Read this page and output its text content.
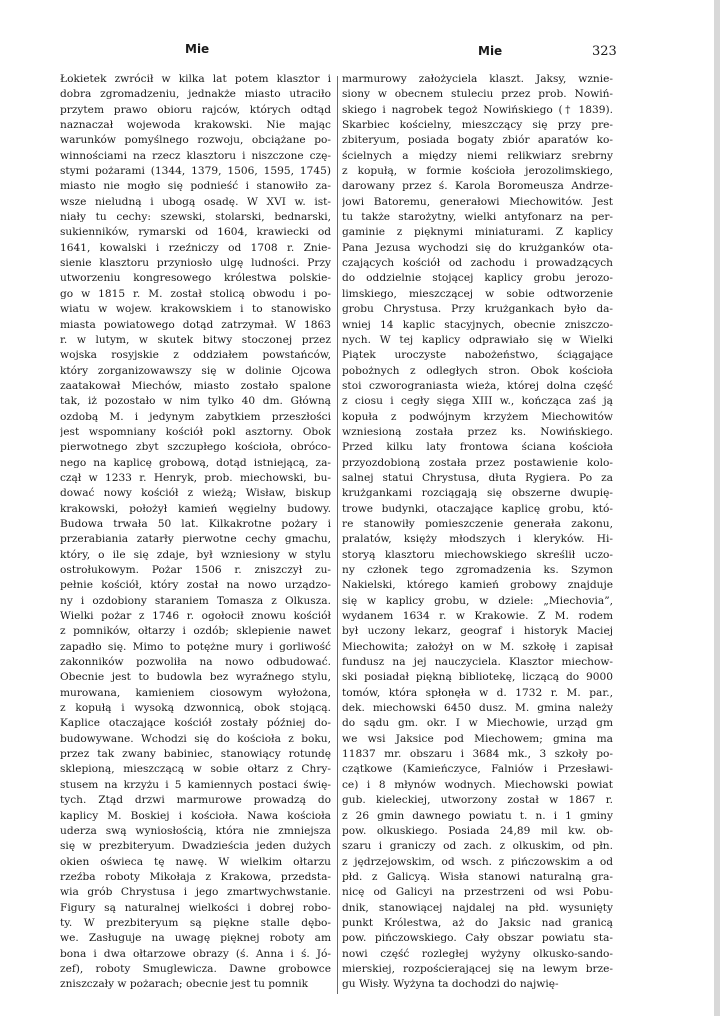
Mie	Mie	323
Łokietek zwrócił w kilka lat potem klasztor i
dobra zgromadzeniu, jednakże miasto utraciło
przytem prawo obioru rajców, których odtąd
naznaczał wojewoda krakowski. Nie mając
warunków pomyślnego rozwoju, obciążane po-
winnościami na rzecz klasztoru i niszczone czę-
stymi pożarami (1344, 1379, 1506, 1595, 1745)
miasto nie mogło się podnieść i stanowiło za-
wsze nieludną i ubogą osadę. W XVI w. ist-
niały tu cechy: szewski, stolarski, bednarski,
sukienników, rymarski od 1604, krawiecki od
1641, kowalski i rzeźniczy od 1708 r. Znie-
sienie klasztoru przyniosło ulgę ludności. Przy
utworzeniu kongresowego królestwa polskie-
go w 1815 r. M. został stolicą obwodu i po-
wiatu w wojew. krakowskiem i to stanowisko
miasta powiatowego dotąd zatrzymał. W 1863
r. w lutym, w skutek bitwy stoczonej przez
wojska rosyjskie z oddziałem powstańców,
który zorganizowawszy się w dolinie Ojcowa
zaatakował Miechów, miasto zostało spalone
tak, iż pozostało w nim tylko 40 dm. Główną
ozdobą M. i jedynym zabytkiem przeszłości
jest wspomniany kościół pokl asztorny. Obok
pierwotnego zbyt szczupłego kościoła, obróco-
nego na kaplicę grobową, dotąd istniejącą, za-
czął w 1233 r. Henryk, prob. miechowski, bu-
dować nowy kościół z wieżą; Wisław, biskup
krakowski, położył kamień węgielny budowy.
Budowa trwała 50 lat. Kilkakrotne pożary i
przerabiania zatarły pierwotne cechy gmachu,
który, o ile się zdaje, był wzniesiony w stylu
ostrołukowym. Pożar 1506 r. zniszczył zu-
pełnie kościół, który został na nowo urządzo-
ny i ozdobiony staraniem Tomasza z Olkusza.
Wielki pożar z 1746 r. ogołocił znowu kościół
z pomników, ołtarzy i ozdób; sklepienie nawet
zapadło się. Mimo to potężne mury i gorliwość
zakonników pozwoliła na nowo odbudować.
Obecnie jest to budowla bez wyraźnego stylu,
murowana, kamieniem ciosowym wyłożona,
z kopułą i wysoką dzwonnicą, obok stojącą.
Kaplice otaczające kościół zostały później do-
budowywane. Wchodzi się do kościoła z boku,
przez tak zwany babiniec, stanowiący rotundę
sklepioną, mieszczącą w sobie ołtarz z Chry-
stusem na krzyżu i 5 kamiennych postaci świę-
tych. Ztąd drzwi marmurowe prowadzą do
kaplicy M. Boskiej i kościoła. Nawa kościoła
uderza swą wyniosłością, która nie zmniejsza
się w prezbiteryum. Dwadzieścia jeden dużych
okien oświeca tę nawę. W wielkim ołtarzu
rzeźba roboty Mikołaja z Krakowa, przedsta-
wia grób Chrystusa i jego zmartwychwstanie.
Figury są naturalnej wielkości i dobrej robo-
ty. W prezbiteryum są piękne stalle dębo-
we. Zasługuje na uwagę pięknej roboty am
bona i dwa ołtarzowe obrazy (ś. Anna i ś. Jó-
zef), roboty Smuglewicza. Dawne grobowce
zniszczały w pożarach; obecnie jest tu pomnik
marmurowy założyciela klaszt. Jaksy, wznie-
siony w obecnem stuleciu przez prob. Nowiń-
skiego i nagrobek tegoż Nowińskiego († 1839).
Skarbiec kościelny, mieszczący się przy pre-
zbiteryum, posiada bogaty zbiór aparatów ko-
ścielnych a między niemi relikwiarz srebrny
z kopułą, w formie kościoła jerozolimskiego,
darowany przez ś. Karola Boromeusza Andrze-
jowi Batoremu, generałowi Miechowitów. Jest
tu także starożytny, wielki antyfonarz na per-
gaminie z pięknymi miniaturami. Z kaplicy
Pana Jezusa wychodzi się do krużganków ota-
czających kościół od zachodu i prowadzących
do oddzielnie stojącej kaplicy grobu jerozo-
limskiego, mieszczącej w sobie odtworzenie
grobu Chrystusa. Przy krużgankach było da-
wniej 14 kaplic stacyjnych, obecnie zniszczo-
nych. W tej kaplicy odprawiało się w Wielki
Piątek uroczyste nabożeństwo, ściągające
pobożnych z odległych stron. Obok kościoła
stoi czworograniasta wieża, której dolna część
z ciosu i cegły sięga XIII w., kończąca zaś ją
kopuła z podwójnym krzyżem Miechowitów
wzniesioną została przez ks. Nowińskiego.
Przed kilku laty frontowa ściana kościoła
przyozdobioną została przez postawienie kolo-
salnej statui Chrystusa, dłuta Rygiera. Po za
krużgankami rozciągają się obszerne dwupię-
trowe budynki, otaczające kaplicę grobu, któ-
re stanowiły pomieszczenie generała zakonu,
pralatów, księży młodszych i kleryków. Hi-
storyą klasztoru miechowskiego skreślił uczo-
ny członek tego zgromadzenia ks. Szymon
Nakielski, którego kamień grobowy znajduje
się w kaplicy grobu, w dziele: „Miechovia”,
wydanem 1634 r. w Krakowie. Z M. rodem
był uczony lekarz, geograf i historyk Maciej
Miechowita; założył on w M. szkołę i zapisał
fundusz na jej nauczyciela. Klasztor miechow-
ski posiadał piękną bibliotekę, liczącą do 9000
tomów, która spłonęła w d. 1732 r. M. par.,
dek. miechowski 6450 dusz. M. gmina należy
do sądu gm. okr. I w Miechowie, urząd gm
we wsi Jaksice pod Miechowem; gmina ma
11837 mr. obszaru i 3684 mk., 3 szkoły po-
czątkowe (Kamieńczyce, Falniów i Przesławi-
ce) i 8 młynów wodnych. Miechowski powiat
gub. kieleckiej, utworzony został w 1867 r.
z 26 gmin dawnego powiatu t. n. i 1 gminy
pow. olkuskiego. Posiada 24,89 mil kw. ob-
szaru i graniczy od zach. z olkuskim, od płn.
z jędrzejowskim, od wsch. z pińczowskim a od
płd. z Galicyą. Wisła stanowi naturalną gra-
nicę od Galicyi na przestrzeni od wsi Pobu-
dnik, stanowiącej najdalej na płd. wysunięty
punkt Królestwa, aż do Jaksic nad granicą
pow. pińczowskiego. Cały obszar powiatu sta-
nowi część rozległej wyżyny olkusko-sando-
mierskiej, rozpościerającej się na lewym brze-
gu Wisły. Wyżyna ta dochodzi do najwię-
